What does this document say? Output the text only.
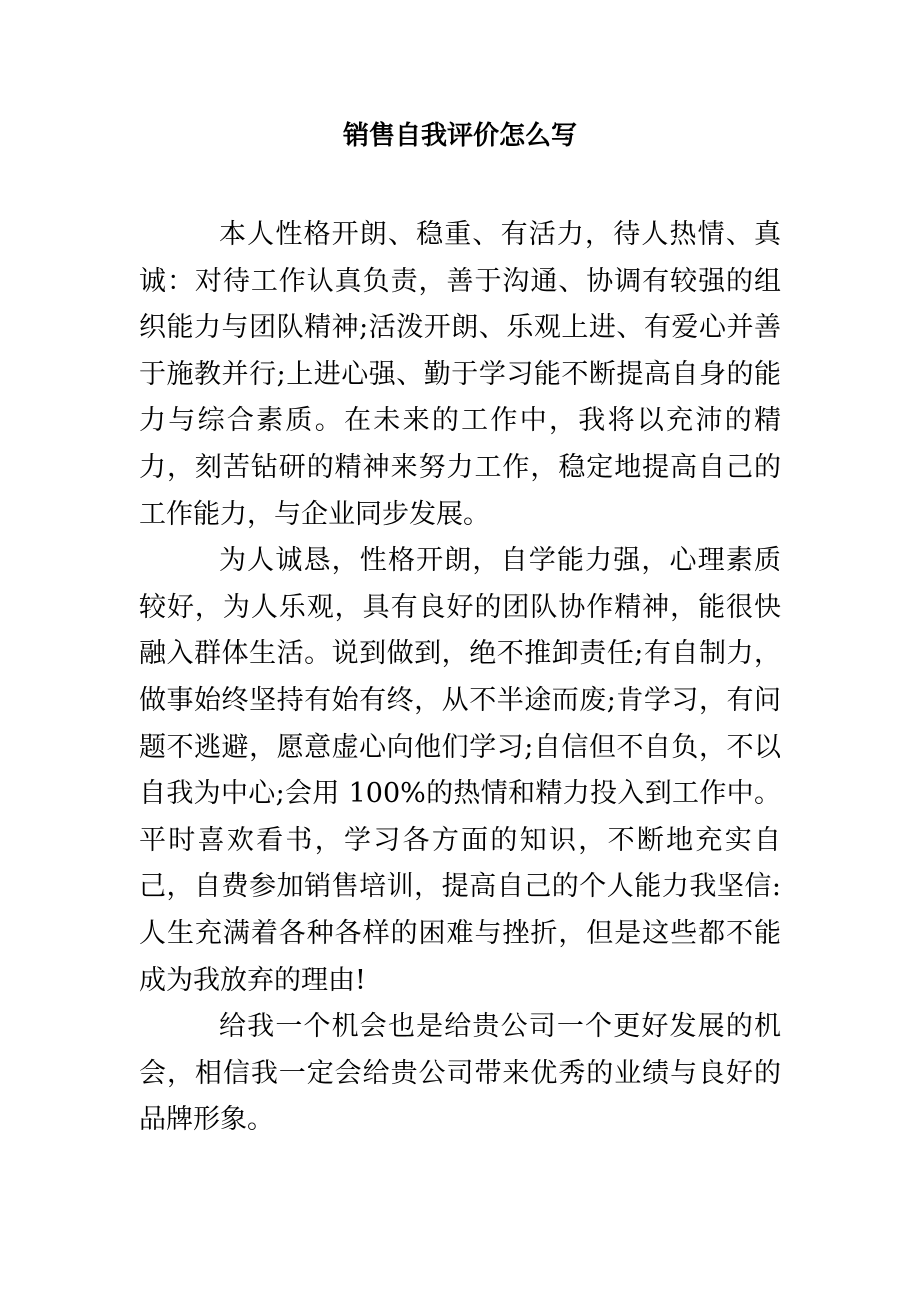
销售自我评价怎么写

本人性格开朗、稳重、有活力，待人热情、真诚：对待工作认真负责，善于沟通、协调有较强的组织能力与团队精神;活泼开朗、乐观上进、有爱心并善于施教并行;上进心强、勤于学习能不断提高自身的能力与综合素质。在未来的工作中，我将以充沛的精力，刻苦钻研的精神来努力工作，稳定地提高自己的工作能力，与企业同步发展。

为人诚恳，性格开朗，自学能力强，心理素质较好，为人乐观，具有良好的团队协作精神，能很快融入群体生活。说到做到，绝不推卸责任;有自制力，做事始终坚持有始有终，从不半途而废;肯学习，有问题不逃避，愿意虚心向他们学习;自信但不自负，不以自我为中心;会用 100%的热情和精力投入到工作中。平时喜欢看书，学习各方面的知识，不断地充实自己，自费参加销售培训，提高自己的个人能力我坚信:人生充满着各种各样的困难与挫折，但是这些都不能成为我放弃的理由!

给我一个机会也是给贵公司一个更好发展的机会，相信我一定会给贵公司带来优秀的业绩与良好的品牌形象。
